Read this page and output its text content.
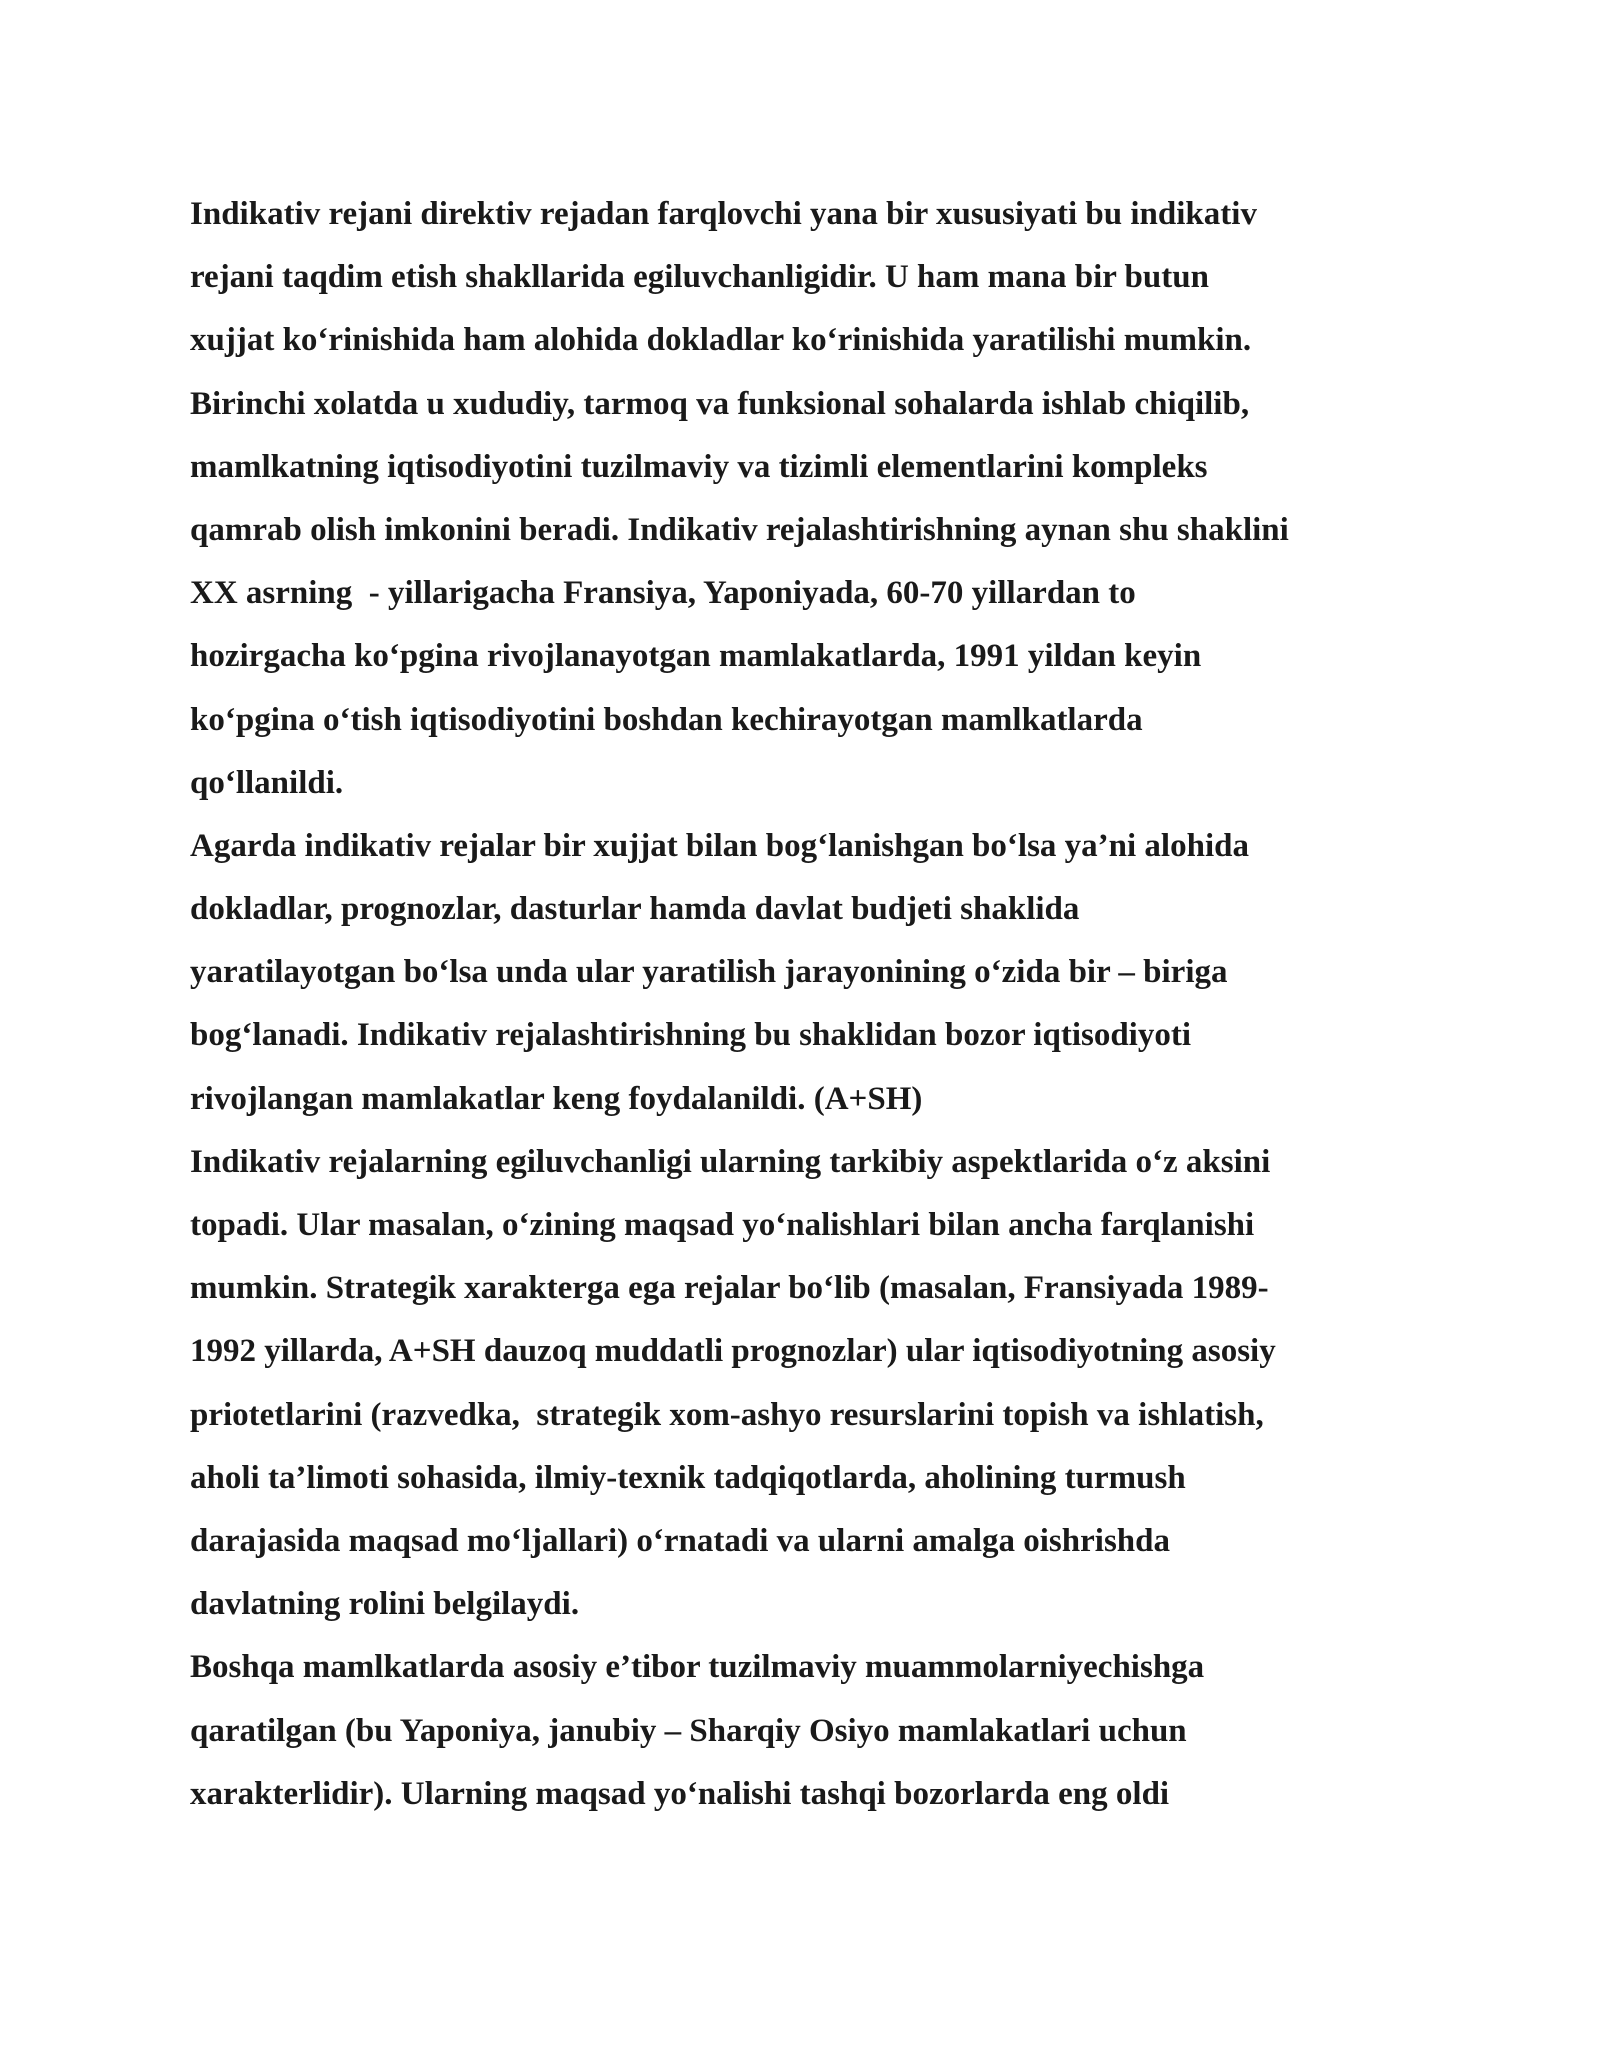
Indikativ rejani direktiv rejadan farqlovchi yana bir xususiyati bu indikativ
rejani taqdim etish shakllarida egiluvchanligidir. U ham mana bir butun
xujjat ko‘rinishida ham alohida dokladlar ko‘rinishida yaratilishi mumkin.
Birinchi xolatda u xududiy, tarmoq va funksional sohalarda ishlab chiqilib,
mamlkatning iqtisodiyotini tuzilmaviy va tizimli elementlarini kompleks
qamrab olish imkonini beradi. Indikativ rejalashtirishning aynan shu shaklini
XX asrning  - yillarigacha Fransiya, Yaponiyada, 60-70 yillardan to
hozirgacha ko‘pgina rivojlanayotgan mamlakatlarda, 1991 yildan keyin
ko‘pgina o‘tish iqtisodiyotini boshdan kechirayotgan mamlkatlarda
qo‘llanildi.
Agarda indikativ rejalar bir xujjat bilan bog‘lanishgan bo‘lsa ya’ni alohida
dokladlar, prognozlar, dasturlar hamda davlat budjeti shaklida
yaratilayotgan bo‘lsa unda ular yaratilish jarayonining o‘zida bir – biriga
bog‘lanadi. Indikativ rejalashtirishning bu shaklidan bozor iqtisodiyoti
rivojlangan mamlakatlar keng foydalanildi. (A+SH)
Indikativ rejalarning egiluvchanligi ularning tarkibiy aspektlarida o‘z aksini
topadi. Ular masalan, o‘zining maqsad yo‘nalishlari bilan ancha farqlanishi
mumkin. Strategik xarakterga ega rejalar bo‘lib (masalan, Fransiyada 1989-
1992 yillarda, A+SH dauzoq muddatli prognozlar) ular iqtisodiyotning asosiy
priotetlarini (razvedka,  strategik xom-ashyo resurslarini topish va ishlatish,
aholi ta’limoti sohasida, ilmiy-texnik tadqiqotlarda, aholining turmush
darajasida maqsad mo‘ljallari) o‘rnatadi va ularni amalga oishrishda
davlatning rolini belgilaydi.
Boshqa mamlkatlarda asosiy e’tibor tuzilmaviy muammolarniyechishga
qaratilgan (bu Yaponiya, janubiy – Sharqiy Osiyo mamlakatlari uchun
xarakterlidir). Ularning maqsad yo‘nalishi tashqi bozorlarda eng oldi
